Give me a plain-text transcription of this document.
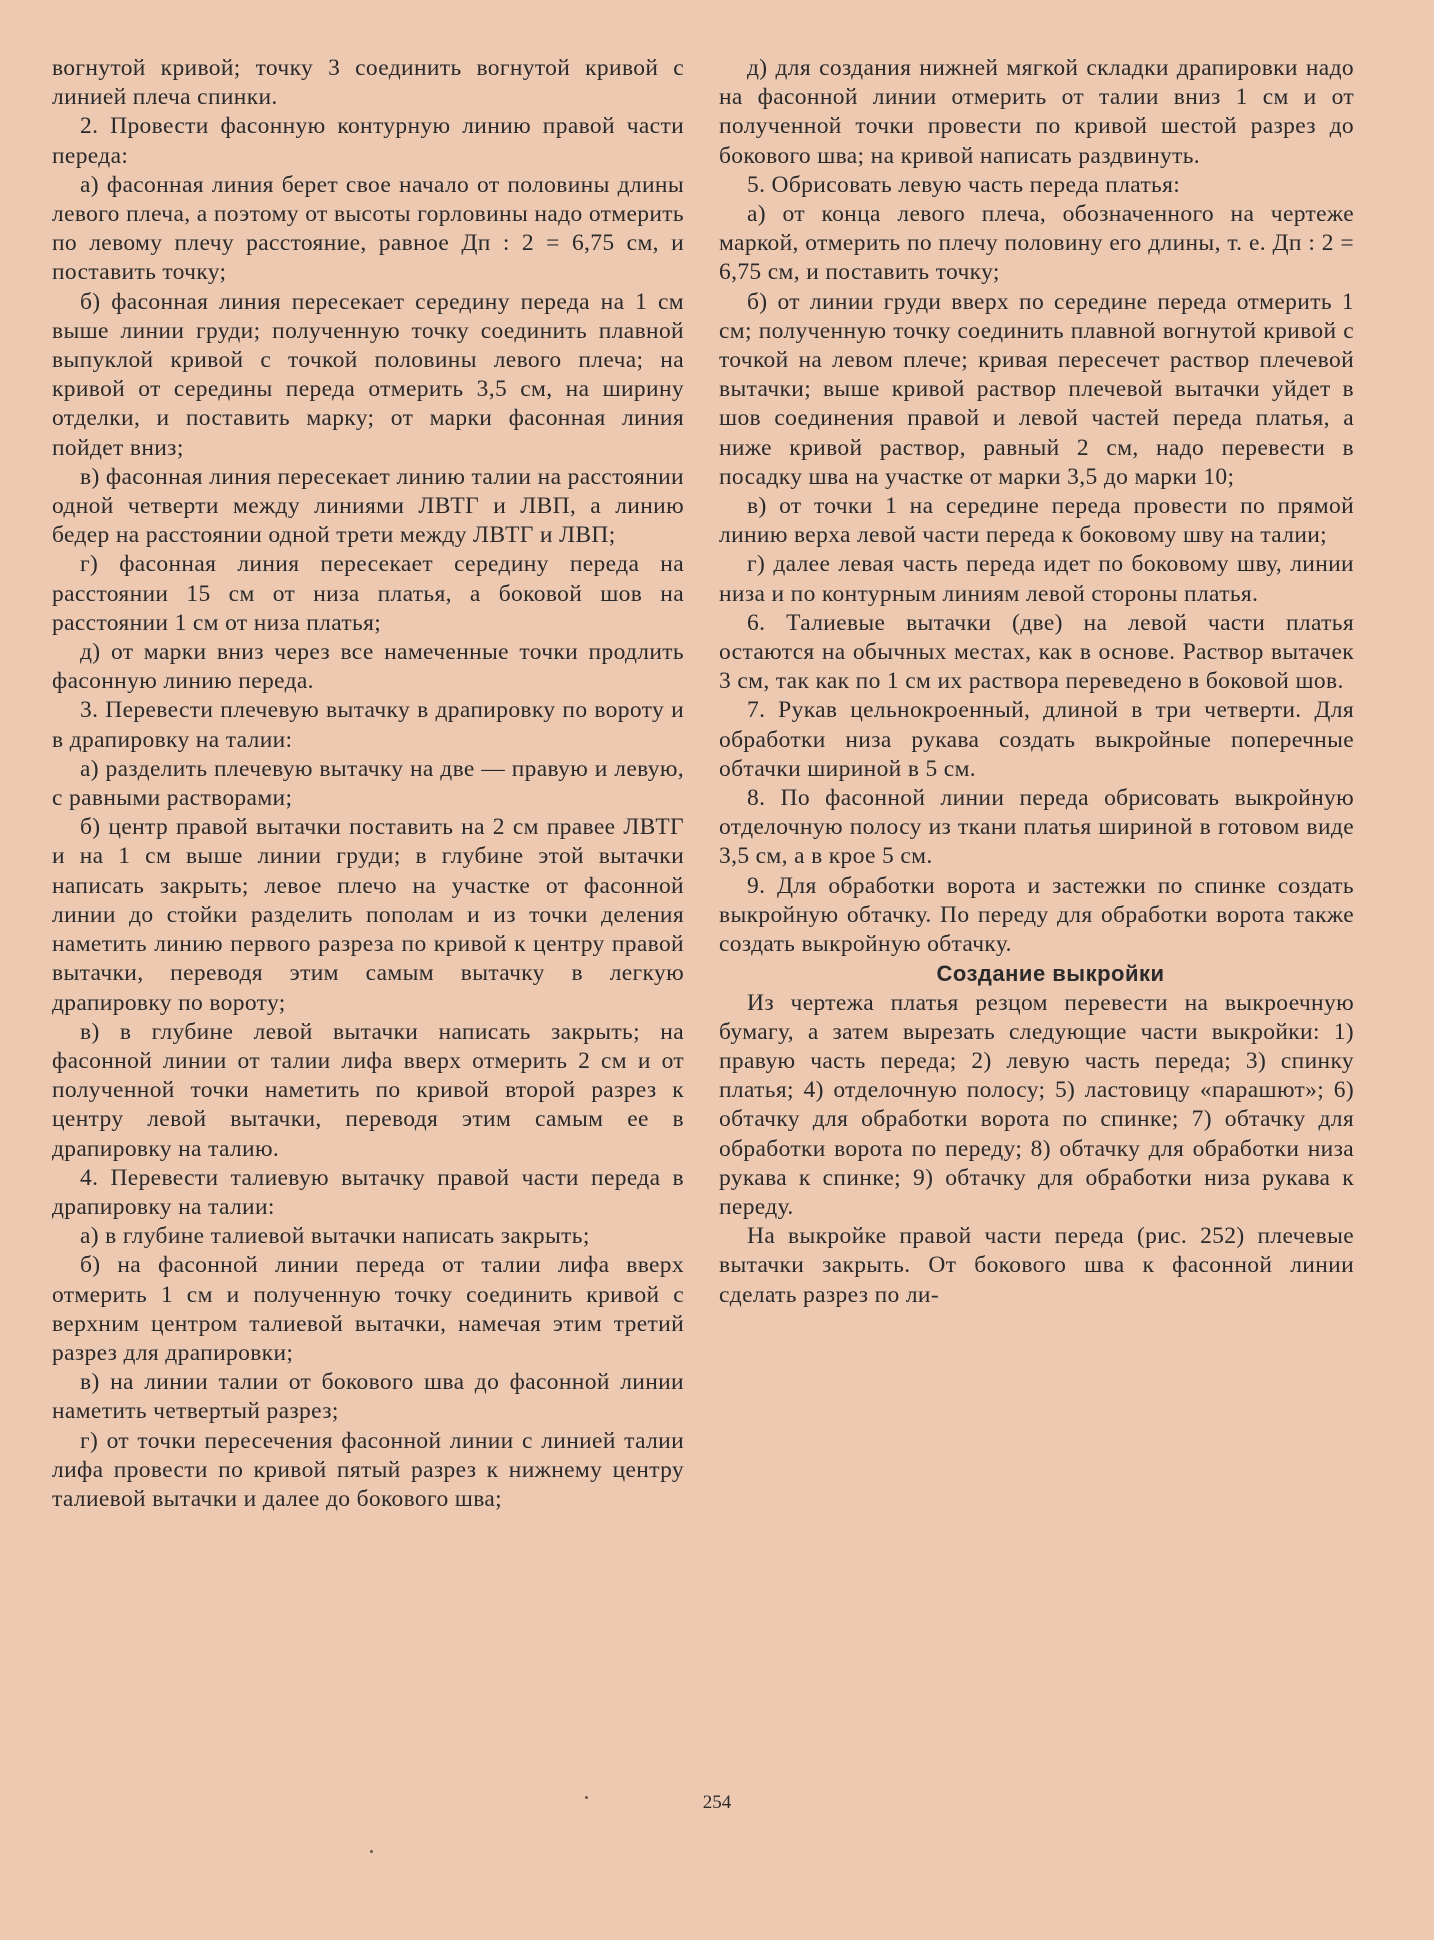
вогнутой кривой; точку 3 соединить вогнутой кривой с линией плеча спинки.

2. Провести фасонную контурную линию правой части переда:

а) фасонная линия берет свое начало от половины длины левого плеча, а поэтому от высоты горловины надо отмерить по левому плечу расстояние, равное Дп : 2 = 6,75 см, и поставить точку;

б) фасонная линия пересекает середину переда на 1 см выше линии груди; полученную точку соединить плавной выпуклой кривой с точкой половины левого плеча; на кривой от середины переда отмерить 3,5 см, на ширину отделки, и поставить марку; от марки фасонная линия пойдет вниз;

в) фасонная линия пересекает линию талии на расстоянии одной четверти между линиями ЛВТГ и ЛВП, а линию бедер на расстоянии одной трети между ЛВТГ и ЛВП;

г) фасонная линия пересекает середину переда на расстоянии 15 см от низа платья, а боковой шов на расстоянии 1 см от низа платья;

д) от марки вниз через все намеченные точки продлить фасонную линию переда.

3. Перевести плечевую вытачку в драпировку по вороту и в драпировку на талии:

а) разделить плечевую вытачку на две — правую и левую, с равными растворами;

б) центр правой вытачки поставить на 2 см правее ЛВТГ и на 1 см выше линии груди; в глубине этой вытачки написать закрыть; левое плечо на участке от фасонной линии до стойки разделить пополам и из точки деления наметить линию первого разреза по кривой к центру правой вытачки, переводя этим самым вытачку в легкую драпировку по вороту;

в) в глубине левой вытачки написать закрыть; на фасонной линии от талии лифа вверх отмерить 2 см и от полученной точки наметить по кривой второй разрез к центру левой вытачки, переводя этим самым ее в драпировку на талию.

4. Перевести талиевую вытачку правой части переда в драпировку на талии:

а) в глубине талиевой вытачки написать закрыть;

б) на фасонной линии переда от талии лифа вверх отмерить 1 см и полученную точку соединить кривой с верхним центром талиевой вытачки, намечая этим третий разрез для драпировки;

в) на линии талии от бокового шва до фасонной линии наметить четвертый разрез;

г) от точки пересечения фасонной линии с линией талии лифа провести по кривой пятый разрез к нижнему центру талиевой вытачки и далее до бокового шва;

д) для создания нижней мягкой складки драпировки надо на фасонной линии отмерить от талии вниз 1 см и от полученной точки провести по кривой шестой разрез до бокового шва; на кривой написать раздвинуть.

5. Обрисовать левую часть переда платья:

а) от конца левого плеча, обозначенного на чертеже маркой, отмерить по плечу половину его длины, т. е. Дп : 2 = 6,75 см, и поставить точку;

б) от линии груди вверх по середине переда отмерить 1 см; полученную точку соединить плавной вогнутой кривой с точкой на левом плече; кривая пересечет раствор плечевой вытачки; выше кривой раствор плечевой вытачки уйдет в шов соединения правой и левой частей переда платья, а ниже кривой раствор, равный 2 см, надо перевести в посадку шва на участке от марки 3,5 до марки 10;

в) от точки 1 на середине переда провести по прямой линию верха левой части переда к боковому шву на талии;

г) далее левая часть переда идет по боковому шву, линии низа и по контурным линиям левой стороны платья.

6. Талиевые вытачки (две) на левой части платья остаются на обычных местах, как в основе. Раствор вытачек 3 см, так как по 1 см их раствора переведено в боковой шов.

7. Рукав цельнокроенный, длиной в три четверти. Для обработки низа рукава создать выкройные поперечные обтачки шириной в 5 см.

8. По фасонной линии переда обрисовать выкройную отделочную полосу из ткани платья шириной в готовом виде 3,5 см, а в крое 5 см.

9. Для обработки ворота и застежки по спинке создать выкройную обтачку. По переду для обработки ворота также создать выкройную обтачку.

Создание выкройки

Из чертежа платья резцом перевести на выкроечную бумагу, а затем вырезать следующие части выкройки: 1) правую часть переда; 2) левую часть переда; 3) спинку платья; 4) отделочную полосу; 5) ластовицу «парашют»; 6) обтачку для обработки ворота по спинке; 7) обтачку для обработки ворота по переду; 8) обтачку для обработки низа рукава к спинке; 9) обтачку для обработки низа рукава к переду.

На выкройке правой части переда (рис. 252) плечевые вытачки закрыть. От бокового шва к фасонной линии сделать разрез по ли-

254
